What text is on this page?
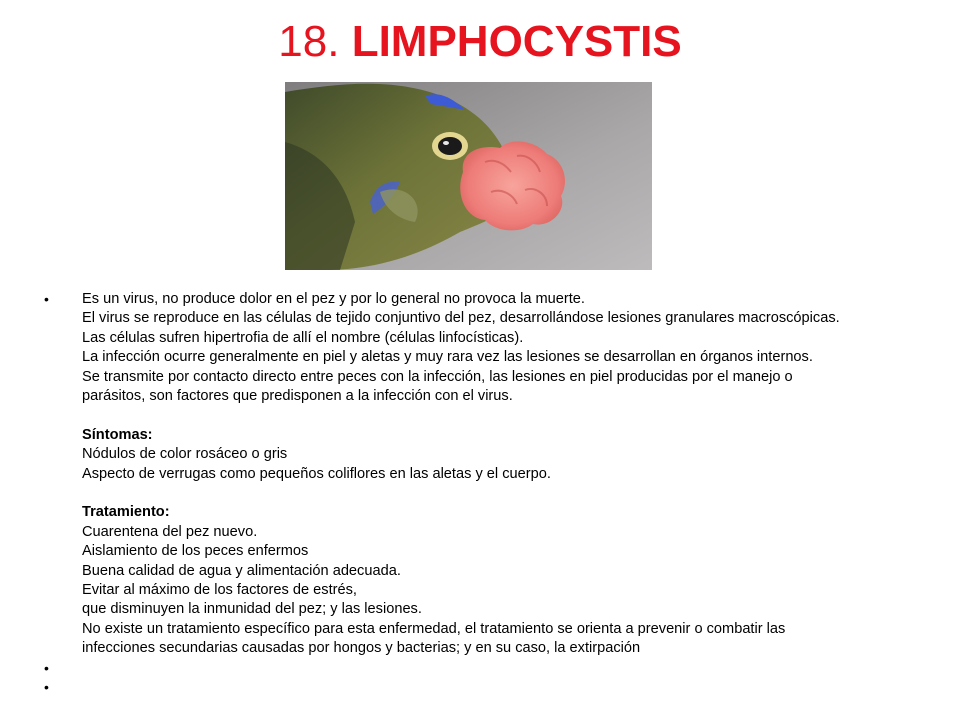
18. LIMPHOCYSTIS
•	Es un virus, no produce dolor en el pez y por lo general no provoca la muerte.
El virus se reproduce en las células de tejido conjuntivo del pez, desarrollándose lesiones granulares macroscópicas.
Las células sufren hipertrofia de allí el nombre (células linfocísticas).
La infección ocurre generalmente en piel y aletas y muy rara vez las lesiones se desarrollan en órganos internos.
Se transmite por contacto directo entre peces con la infección, las lesiones en piel producidas por el manejo o
parásitos, son factores que predisponen a la infección con el virus.
Síntomas:
Nódulos de color rosáceo o gris
Aspecto de verrugas como pequeños coliflores en las aletas y el cuerpo.
Tratamiento:
Cuarentena del pez nuevo.
Aislamiento de los peces enfermos
Buena calidad de agua y alimentación adecuada.
Evitar al máximo de los factores de estrés,
que disminuyen la inmunidad del pez; y las lesiones.
No existe un tratamiento específico para esta enfermedad, el tratamiento se orienta a prevenir o combatir las
infecciones secundarias causadas por hongos y bacterias; y en su caso, la extirpación
•
•
